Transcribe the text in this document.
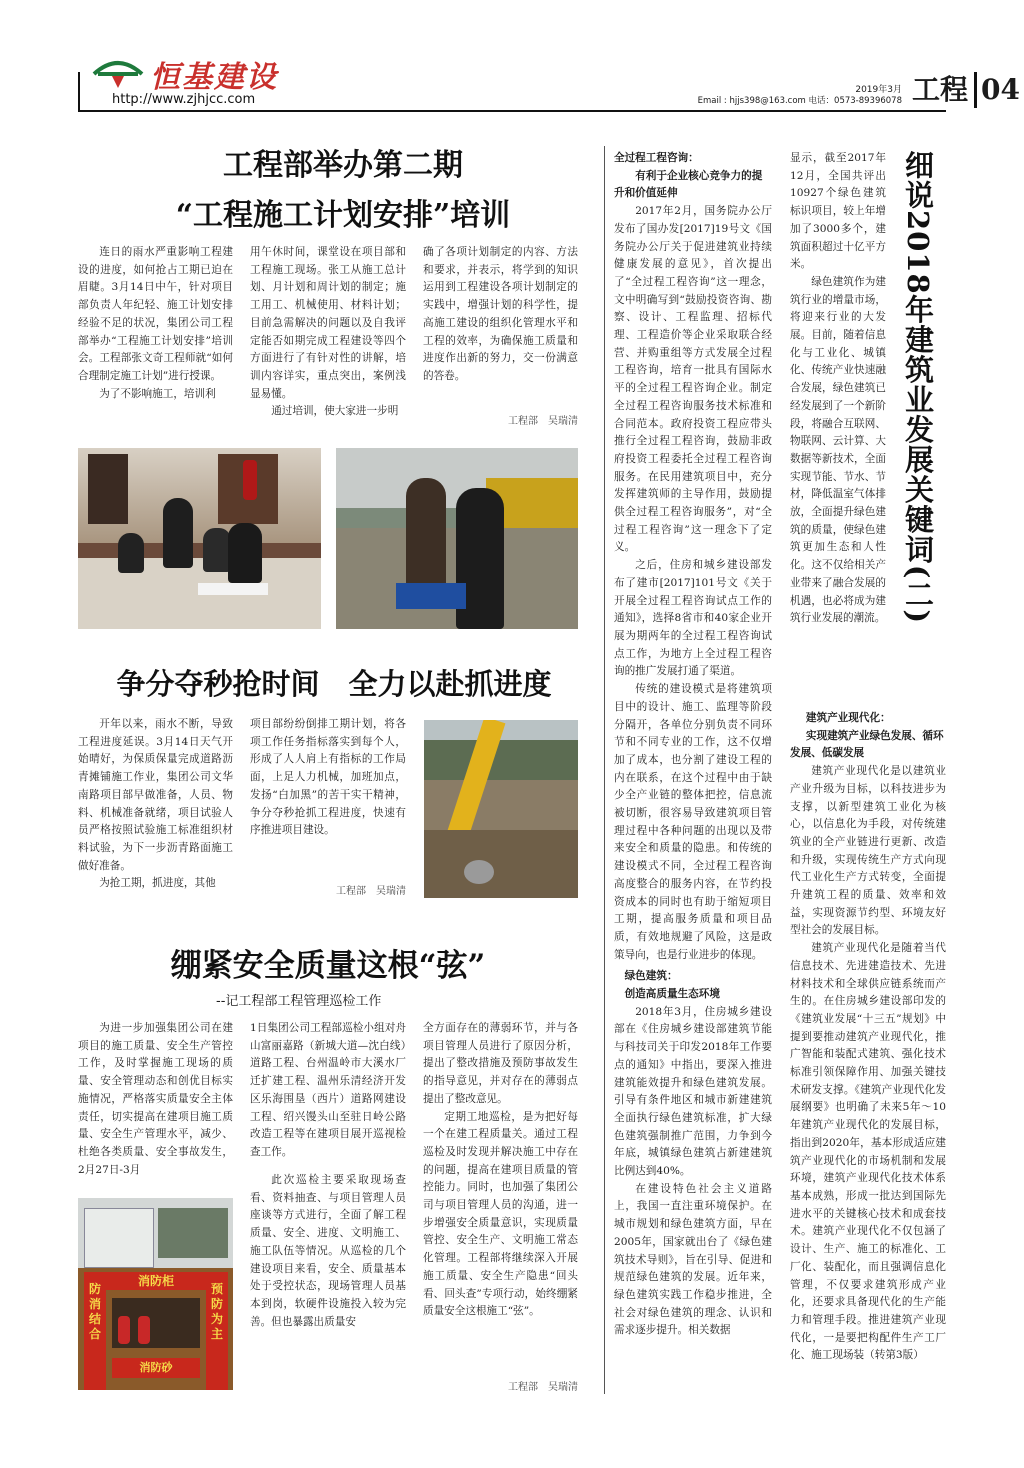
恒基建设
http://www.zjhjcc.com
2019年3月
Email : hjjs398@163.com 电话：0573-89396078 工程 04
工程部举办第二期
“工程施工计划安排”培训

连日的雨水严重影响工程建设的进度，如何抢占工期已迫在眉睫。3月14日中午，针对项目部负责人年纪轻、施工计划安排经验不足的状况，集团公司工程部举办“工程施工计划安排”培训会。工程部张文奇工程师就“如何合理制定施工计划”进行授课。

为了不影响施工，培训利

用午休时间，课堂设在项目部和工程施工现场。张工从施工总计划、月计划和周计划的制定；施工用工、机械使用、材料计划；目前急需解决的问题以及自我评定能否如期完成工程建设等四个方面进行了有针对性的讲解，培训内容详实，重点突出，案例浅显易懂。

通过培训，使大家进一步明

确了各项计划制定的内容、方法和要求，并表示，将学到的知识运用到工程建设各项计划制定的实践中，增强计划的科学性，提高施工建设的组织化管理水平和工程的效率，为确保施工质量和进度作出新的努力，交一份满意的答卷。

工程部　吴瑞清
争分夺秒抢时间　全力以赴抓进度

开年以来，雨水不断，导致工程进度延误。3月14日天气开始晴好，为保质保量完成道路沥青摊铺施工作业，集团公司文华南路项目部早做准备，人员、物料、机械准备就绪，项目试验人员严格按照试验施工标准组织材料试验，为下一步沥青路面施工做好准备。

为抢工期，抓进度，其他

项目部纷纷倒排工期计划，将各项工作任务指标落实到每个人，形成了人人肩上有指标的工作局面，上足人力机械，加班加点，发扬“白加黑”的苦干实干精神，争分夺秒抢抓工程进度，快速有序推进项目建设。

工程部　吴瑞清
绷紧安全质量这根“弦”
--记工程部工程管理巡检工作

为进一步加强集团公司在建项目的施工质量、安全生产管控工作，及时掌握施工现场的质量、安全管理动态和创优目标实施情况，严格落实质量安全主体责任，切实提高在建项目施工质量、安全生产管理水平，减少、杜绝各类质量、安全事故发生，2月27日-3月

1日集团公司工程部巡检小组对舟山富丽嘉路（新城大道—沈白线）道路工程、台州温岭市大溪水厂迁扩建工程、温州乐清经济开发区乐海围垦（西片）道路网建设工程、绍兴馒头山至驻日岭公路改造工程等在建项目展开巡视检查工作。

此次巡检主要采取现场查看、资料抽查、与项目管理人员座谈等方式进行，全面了解工程质量、安全、进度、文明施工、施工队伍等情况。从巡检的几个建设项目来看，安全、质量基本处于受控状态，现场管理人员基本到岗，软硬件设施投入较为完善。但也暴露出质量安

全方面存在的薄弱环节，并与各项目管理人员进行了原因分析，提出了整改措施及预防事故发生的指导意见，并对存在的薄弱点提出了整改意见。

定期工地巡检，是为把好每一个在建工程质量关。通过工程巡检及时发现并解决施工中存在的问题，提高在建项目质量的管控能力。同时，也加强了集团公司与项目管理人员的沟通，进一步增强安全质量意识，实现质量管控、安全生产、文明施工常态化管理。工程部将继续深入开展施工质量、安全生产隐患“回头看、回头查”专项行动，始终绷紧质量安全这根施工“弦”。

工程部　吴瑞清
防消结合
消防柜
预防为主
消防砂
全过程工程咨询：
有利于企业核心竞争力的提升和价值延伸

2017年2月，国务院办公厅发布了国办发[2017]19号文《国务院办公厅关于促进建筑业持续健康发展的意见》，首次提出了“全过程工程咨询”这一理念，文中明确写到“鼓励投资咨询、勘察、设计、工程监理、招标代理、工程造价等企业采取联合经营、并购重组等方式发展全过程工程咨询，培育一批具有国际水平的全过程工程咨询企业。制定全过程工程咨询服务技术标准和合同范本。政府投资工程应带头推行全过程工程咨询，鼓励非政府投资工程委托全过程工程咨询服务。在民用建筑项目中，充分发挥建筑师的主导作用，鼓励提供全过程工程咨询服务”，对“全过程工程咨询”这一理念下了定义。

之后，住房和城乡建设部发布了建市[2017]101号文《关于开展全过程工程咨询试点工作的通知》，选择8省市和40家企业开展为期两年的全过程工程咨询试点工作，为地方上全过程工程咨询的推广发展打通了渠道。

传统的建设模式是将建筑项目中的设计、施工、监理等阶段分隔开，各单位分别负责不同环节和不同专业的工作，这不仅增加了成本，也分割了建设工程的内在联系，在这个过程中由于缺少全产业链的整体把控，信息流被切断，很容易导致建筑项目管理过程中各种问题的出现以及带来安全和质量的隐患。和传统的建设模式不同，全过程工程咨询高度整合的服务内容，在节约投资成本的同时也有助于缩短项目工期，提高服务质量和项目品质，有效地规避了风险，这是政策导向，也是行业进步的体现。

绿色建筑：
创造高质量生态环境

2018年3月，住房城乡建设部在《住房城乡建设部建筑节能与科技司关于印发2018年工作要点的通知》中指出，要深入推进建筑能效提升和绿色建筑发展。引导有条件地区和城市新建建筑全面执行绿色建筑标准，扩大绿色建筑强制推广范围，力争到今年底，城镇绿色建筑占新建建筑比例达到40%。

在建设特色社会主义道路上，我国一直注重环境保护。在城市规划和绿色建筑方面，早在2005年，国家就出台了《绿色建筑技术导则》，旨在引导、促进和规范绿色建筑的发展。近年来，绿色建筑实践工作稳步推进，全社会对绿色建筑的理念、认识和需求逐步提升。相关数据

显示，截至2017年12月，全国共评出10927个绿色建筑标识项目，较上年增加了3000多个，建筑面积超过十亿平方米。

绿色建筑作为建筑行业的增量市场，将迎来行业的大发展。目前，随着信息化与工业化、城镇化、传统产业快速融合发展，绿色建筑已经发展到了一个新阶段，将融合互联网、物联网、云计算、大数据等新技术，全面实现节能、节水、节材，降低温室气体排放，全面提升绿色建筑的质量，使绿色建筑更加生态和人性化。这不仅给相关产业带来了融合发展的机遇，也必将成为建筑行业发展的潮流。 细说2018年建筑业发展关键词(二)
建筑产业现代化：
实现建筑产业绿色发展、循环发展、低碳发展

建筑产业现代化是以建筑业产业升级为目标，以科技进步为支撑，以新型建筑工业化为核心，以信息化为手段，对传统建筑业的全产业链进行更新、改造和升级，实现传统生产方式向现代工业化生产方式转变，全面提升建筑工程的质量、效率和效益，实现资源节约型、环境友好型社会的发展目标。

建筑产业现代化是随着当代信息技术、先进建造技术、先进材料技术和全球供应链系统而产生的。在住房城乡建设部印发的《建筑业发展“十三五”规划》中提到要推动建筑产业现代化，推广智能和装配式建筑、强化技术标准引领保障作用、加强关键技术研发支撑。《建筑产业现代化发展纲要》也明确了未来5年～10年建筑产业现代化的发展目标，指出到2020年，基本形成适应建筑产业现代化的市场机制和发展环境，建筑产业现代化技术体系基本成熟，形成一批达到国际先进水平的关键核心技术和成套技术。建筑产业现代化不仅包涵了设计、生产、施工的标准化、工厂化、装配化，而且强调信息化管理，不仅要求建筑形成产业化，还要求具备现代化的生产能力和管理手段。推进建筑产业现代化，一是要把构配件生产工厂化、施工现场装（转第3版）
